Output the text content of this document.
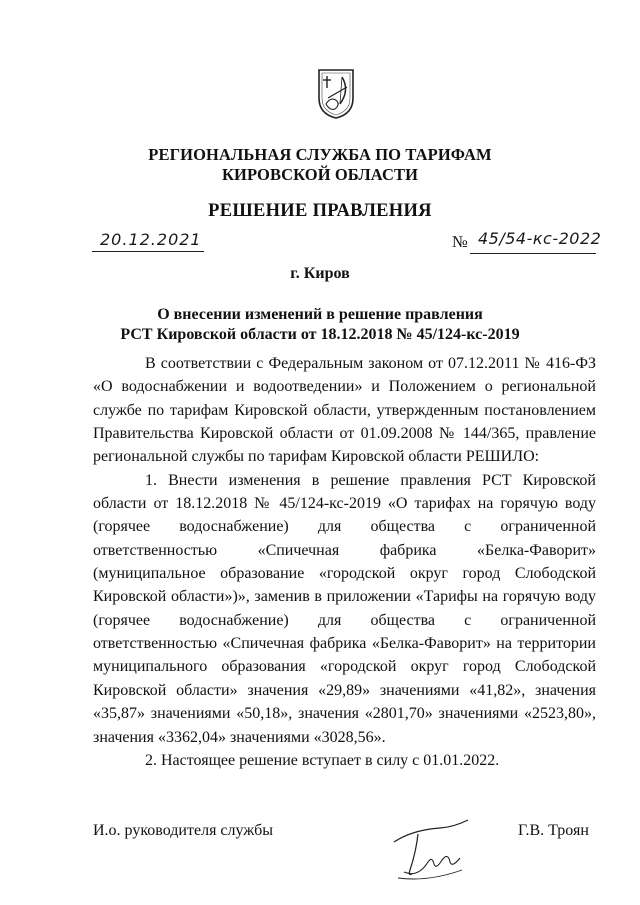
РЕГИОНАЛЬНАЯ СЛУЖБА ПО ТАРИФАМ
КИРОВСКОЙ ОБЛАСТИ
РЕШЕНИЕ ПРАВЛЕНИЯ
20.12.2021	№ 45/54-кс-2022
г. Киров
О внесении изменений в решение правления
РСТ Кировской области от 18.12.2018 № 45/124-кс-2019

В соответствии с Федеральным законом от 07.12.2011 № 416-ФЗ «О водоснабжении и водоотведении» и Положением о региональной службе по тарифам Кировской области, утвержденным постановлением Правительства Кировской области от 01.09.2008 № 144/365, правление региональной службы по тарифам Кировской области РЕШИЛО:

1. Внести изменения в решение правления РСТ Кировской области от 18.12.2018 № 45/124-кс-2019 «О тарифах на горячую воду (горячее водоснабжение) для общества с ограниченной ответственностью «Спичечная фабрика «Белка-Фаворит» (муниципальное образование «городской округ город Слободской Кировской области»)», заменив в приложении «Тарифы на горячую воду (горячее водоснабжение) для общества с ограниченной ответственностью «Спичечная фабрика «Белка-Фаворит» на территории муниципального образования «городской округ город Слободской Кировской области» значения «29,89» значениями «41,82», значения «35,87» значениями «50,18», значения «2801,70» значениями «2523,80», значения «3362,04» значениями «3028,56».

2. Настоящее решение вступает в силу с 01.01.2022.

И.о. руководителя службы	Г.В. Троян
